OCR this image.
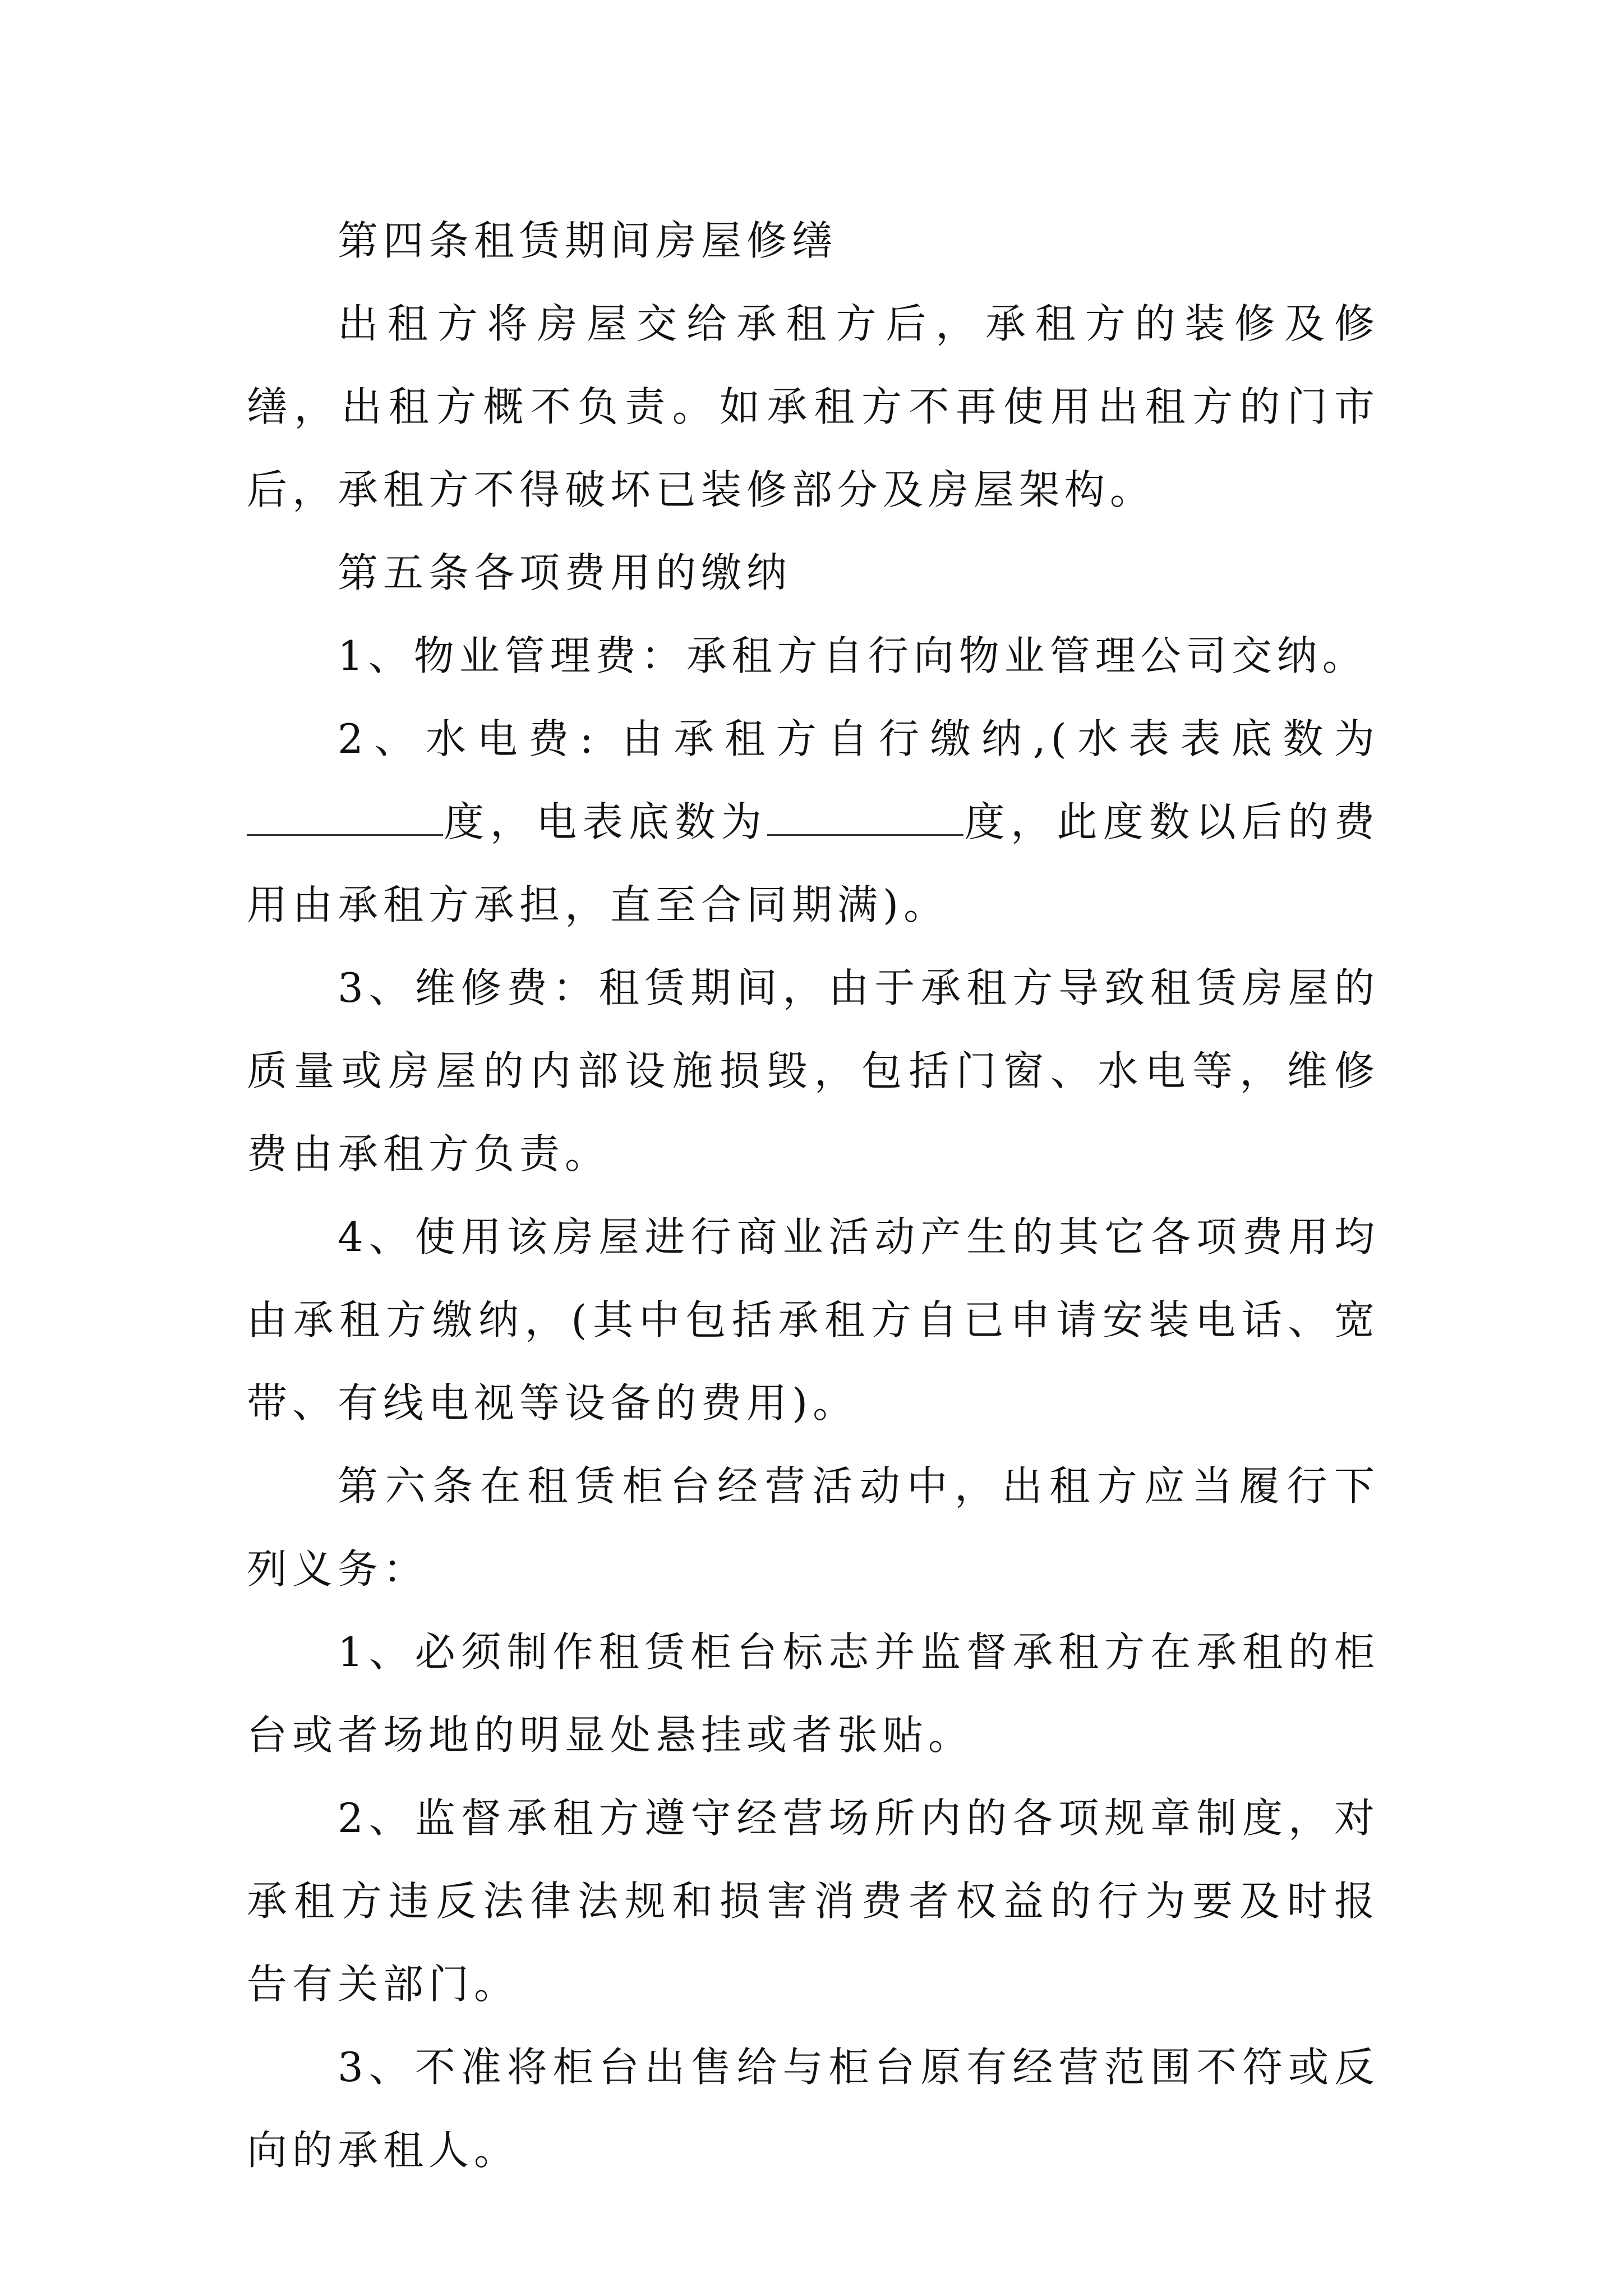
第四条租赁期间房屋修缮

出租方将房屋交给承租方后，承租方的装修及修缮，出租方概不负责。如承租方不再使用出租方的门市后，承租方不得破坏已装修部分及房屋架构。

第五条各项费用的缴纳

1、物业管理费：承租方自行向物业管理公司交纳。

2、水电费: 由承租方自行缴纳,(水表表底数为度，电表底数为	度，此度数以后的费用由承租方承担，直至合同期满)。

3、维修费：租赁期间，由于承租方导致租赁房屋的质量或房屋的内部设施损毁，包括门窗、水电等，维修费由承租方负责。

4、使用该房屋进行商业活动产生的其它各项费用均由承租方缴纳，(其中包括承租方自已申请安装电话、宽带、有线电视等设备的费用)。

第六条在租赁柜台经营活动中，出租方应当履行下列义务：

1、必须制作租赁柜台标志并监督承租方在承租的柜台或者场地的明显处悬挂或者张贴。

2、监督承租方遵守经营场所内的各项规章制度，对承租方违反法律法规和损害消费者权益的行为要及时报告有关部门。

3、不准将柜台出售给与柜台原有经营范围不符或反向的承租人。
